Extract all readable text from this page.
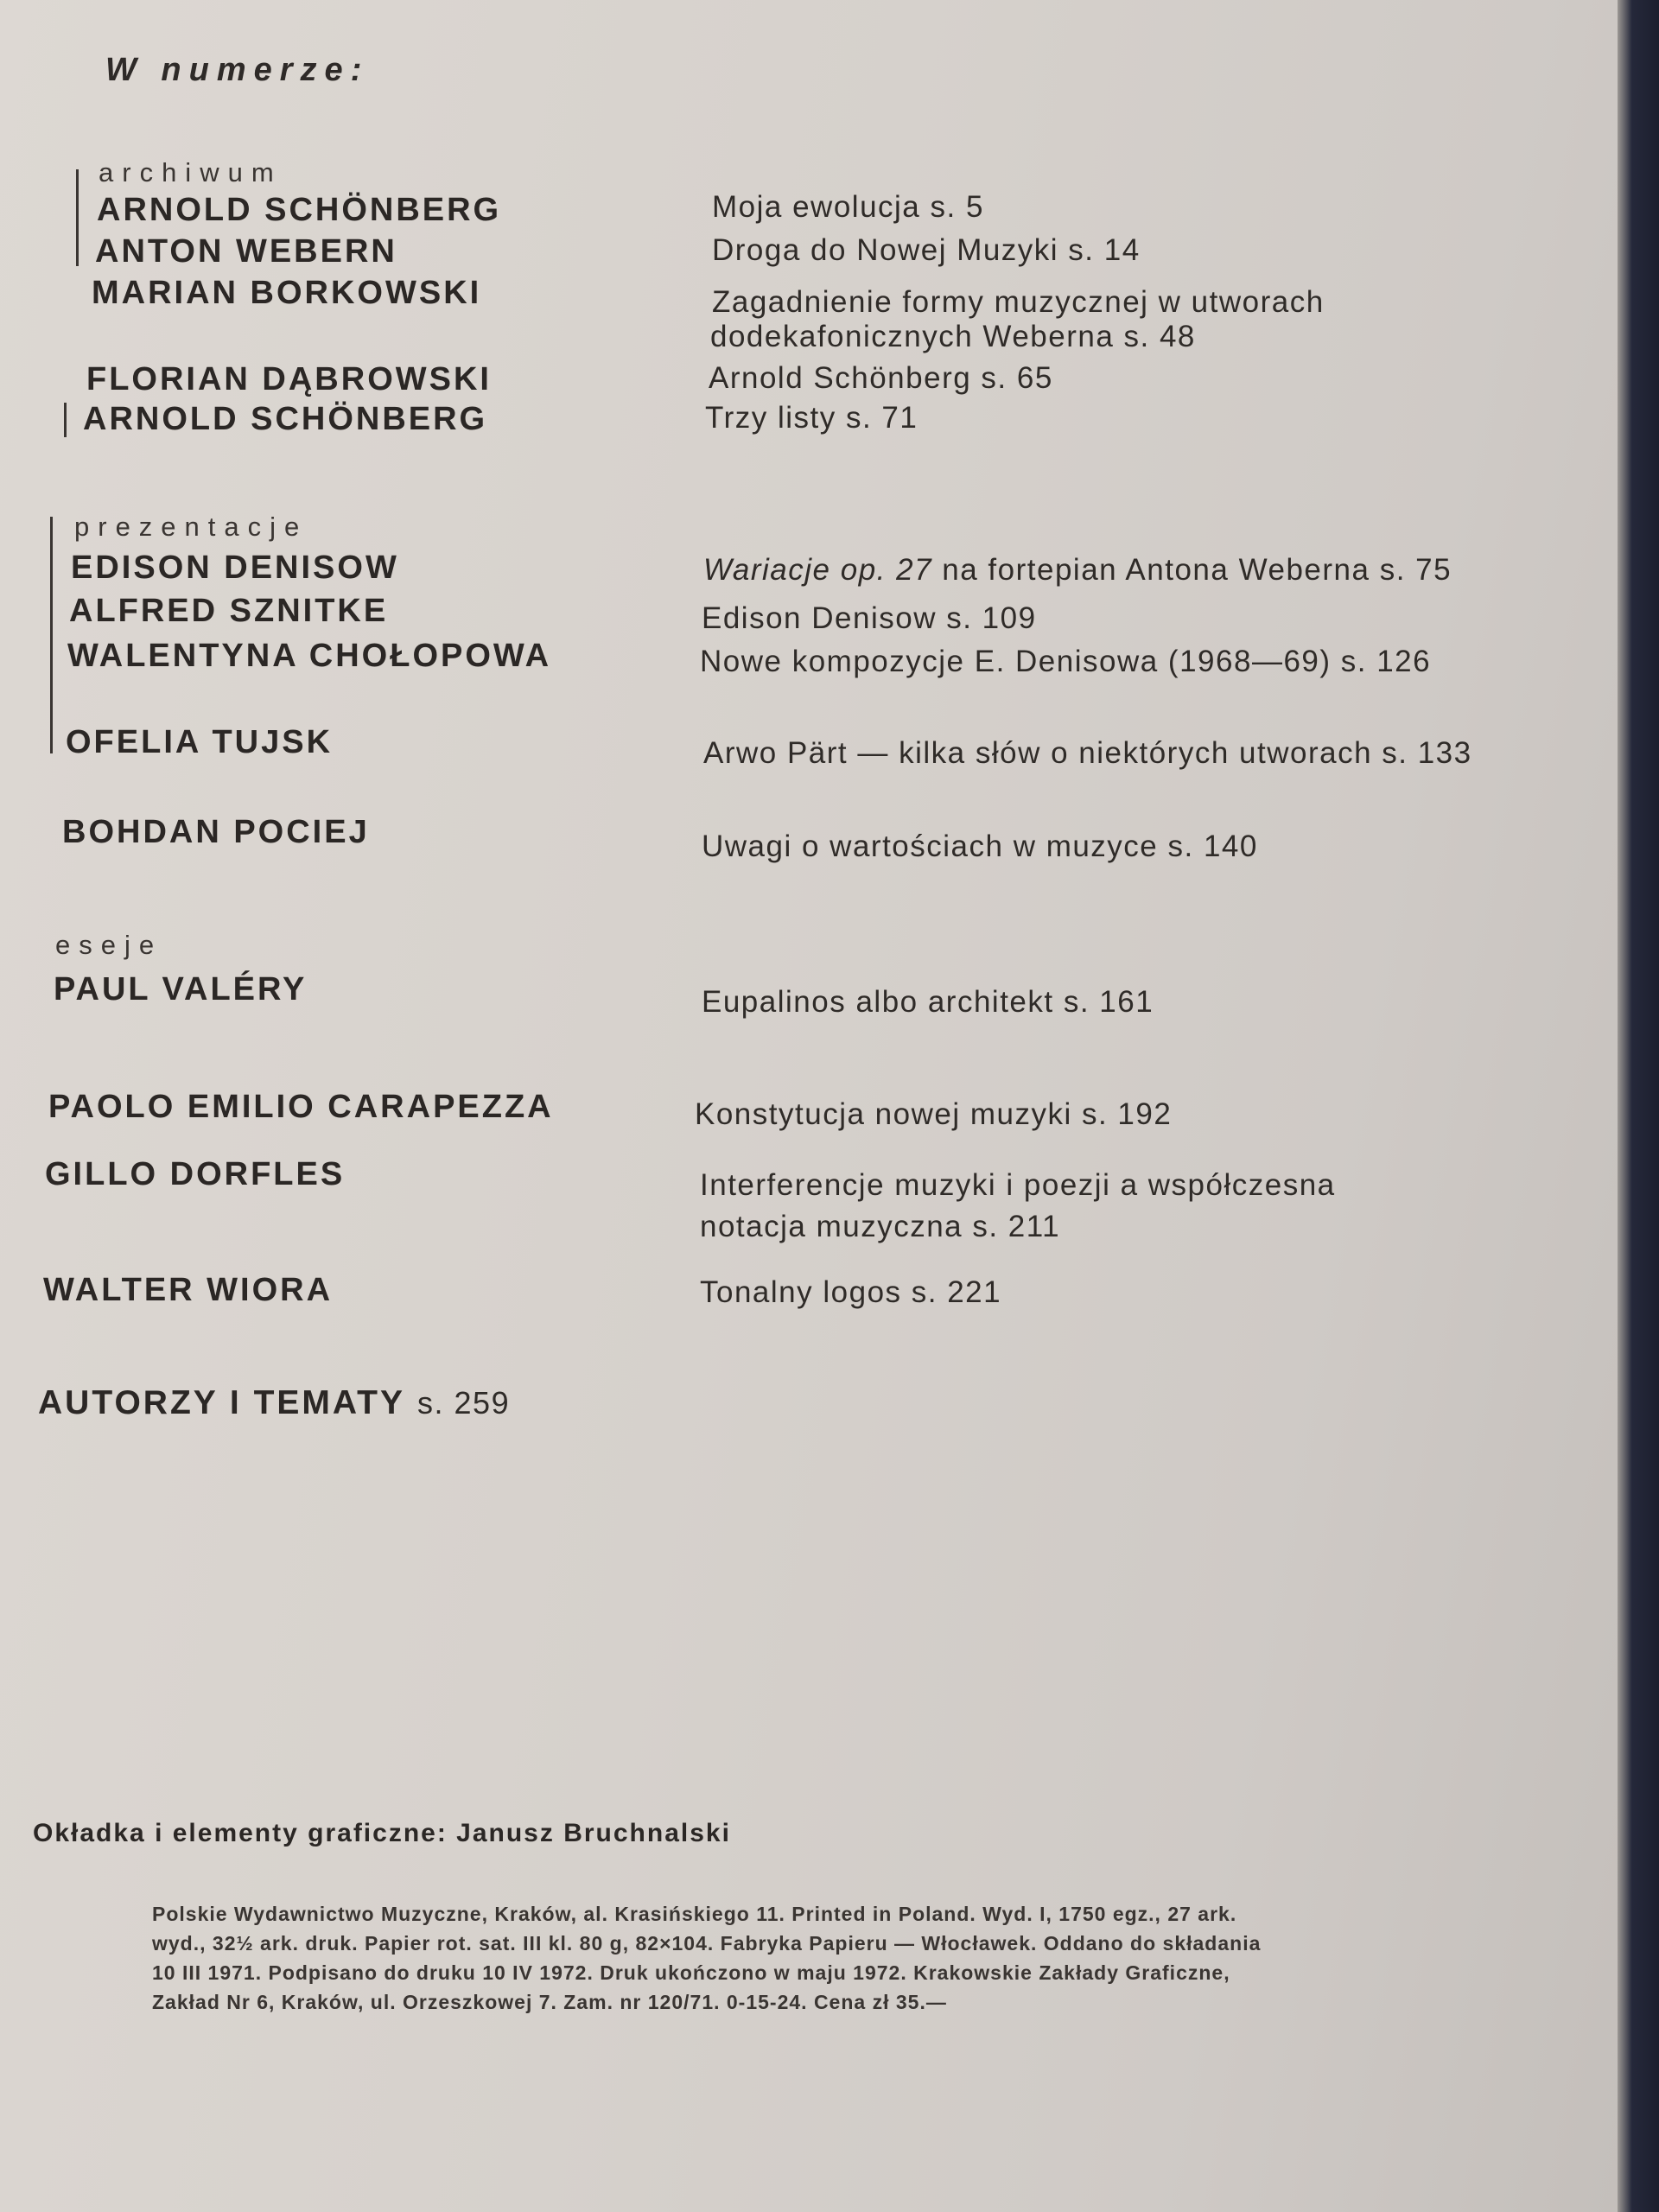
W numerze:
archiwum
ARNOLD SCHÖNBERG	Moja ewolucja s. 5
ANTON WEBERN	Droga do Nowej Muzyki s. 14
MARIAN BORKOWSKI	Zagadnienie formy muzycznej w utworach
dodekafonicznych Weberna s. 48
FLORIAN DĄBROWSKI	Arnold Schönberg s. 65
ARNOLD SCHÖNBERG	Trzy listy s. 71
prezentacje
EDISON DENISOW	Wariacje op. 27 na fortepian Antona Weberna s. 75
ALFRED SZNITKE	Edison Denisow s. 109
WALENTYNA CHOŁOPOWA	Nowe kompozycje E. Denisowa (1968—69) s. 126
OFELIA TUJSK	Arwo Pärt — kilka słów o niektórych utworach s. 133
BOHDAN POCIEJ	Uwagi o wartościach w muzyce s. 140
eseje
PAUL VALÉRY	Eupalinos albo architekt s. 161
PAOLO EMILIO CARAPEZZA	Konstytucja nowej muzyki s. 192
GILLO DORFLES	Interferencje muzyki i poezji a współczesna
notacja muzyczna s. 211
WALTER WIORA	Tonalny logos s. 221
AUTORZY I TEMATY s. 259
Okładka i elementy graficzne: Janusz Bruchnalski
Polskie Wydawnictwo Muzyczne, Kraków, al. Krasińskiego 11. Printed in Poland. Wyd. I, 1750 egz., 27 ark.
wyd., 32½ ark. druk. Papier rot. sat. III kl. 80 g, 82×104. Fabryka Papieru — Włocławek. Oddano do składania
10 III 1971. Podpisano do druku 10 IV 1972. Druk ukończono w maju 1972. Krakowskie Zakłady Graficzne,
Zakład Nr 6, Kraków, ul. Orzeszkowej 7. Zam. nr 120/71. 0-15-24. Cena zł 35.—
